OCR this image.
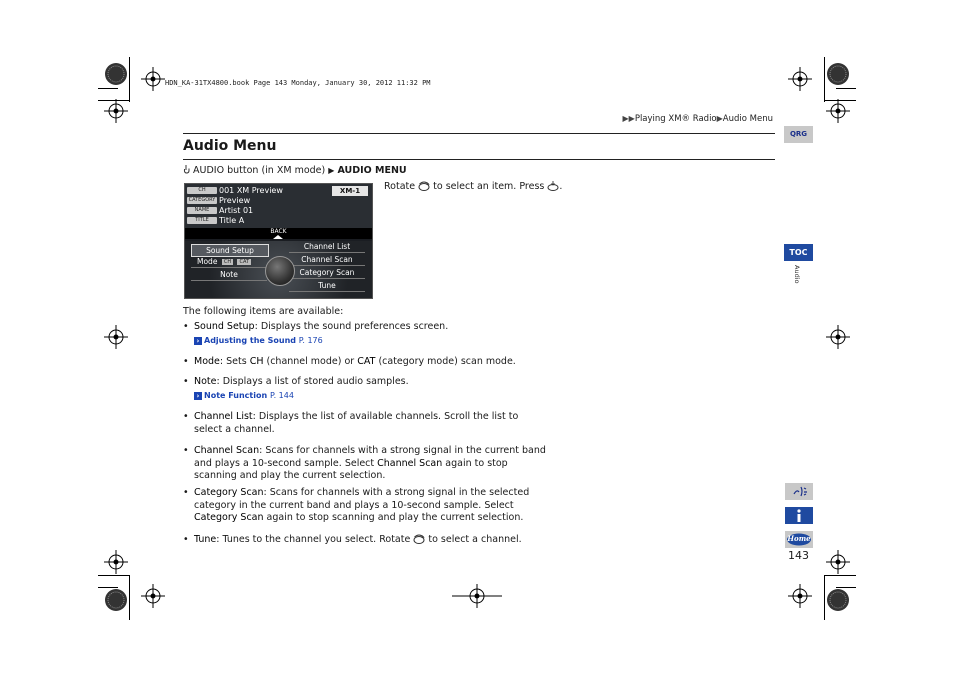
HDN_KA-31TX4800.book Page 143 Monday, January 30, 2012 11:32 PM
▶▶Playing XM® Radio▶Audio Menu
Audio Menu
AUDIO button (in XM mode) ▶ AUDIO MENU
CH	001 XM Preview
CATEGORY Preview
NAME	Artist 01
TITLE	Title A
XM-1
BACK
Sound Setup
Mode CH CAT
Note
Channel List
Channel Scan
Category Scan
Tune
Rotate to select an item. Press .
The following items are available:
• Sound Setup: Displays the sound preferences screen.
› Adjusting the Sound P. 176
• Mode: Sets CH (channel mode) or CAT (category mode) scan mode.
• Note: Displays a list of stored audio samples.
› Note Function P. 144
• Channel List: Displays the list of available channels. Scroll the list to select a channel.
• Channel Scan: Scans for channels with a strong signal in the current band and plays a 10-second sample. Select Channel Scan again to stop scanning and play the current selection.
• Category Scan: Scans for channels with a strong signal in the selected category in the current band and plays a 10-second sample. Select Category Scan again to stop scanning and play the current selection.
• Tune: Tunes to the channel you select. Rotate  to select a channel.
QRG
TOC
Audio
Home
143
